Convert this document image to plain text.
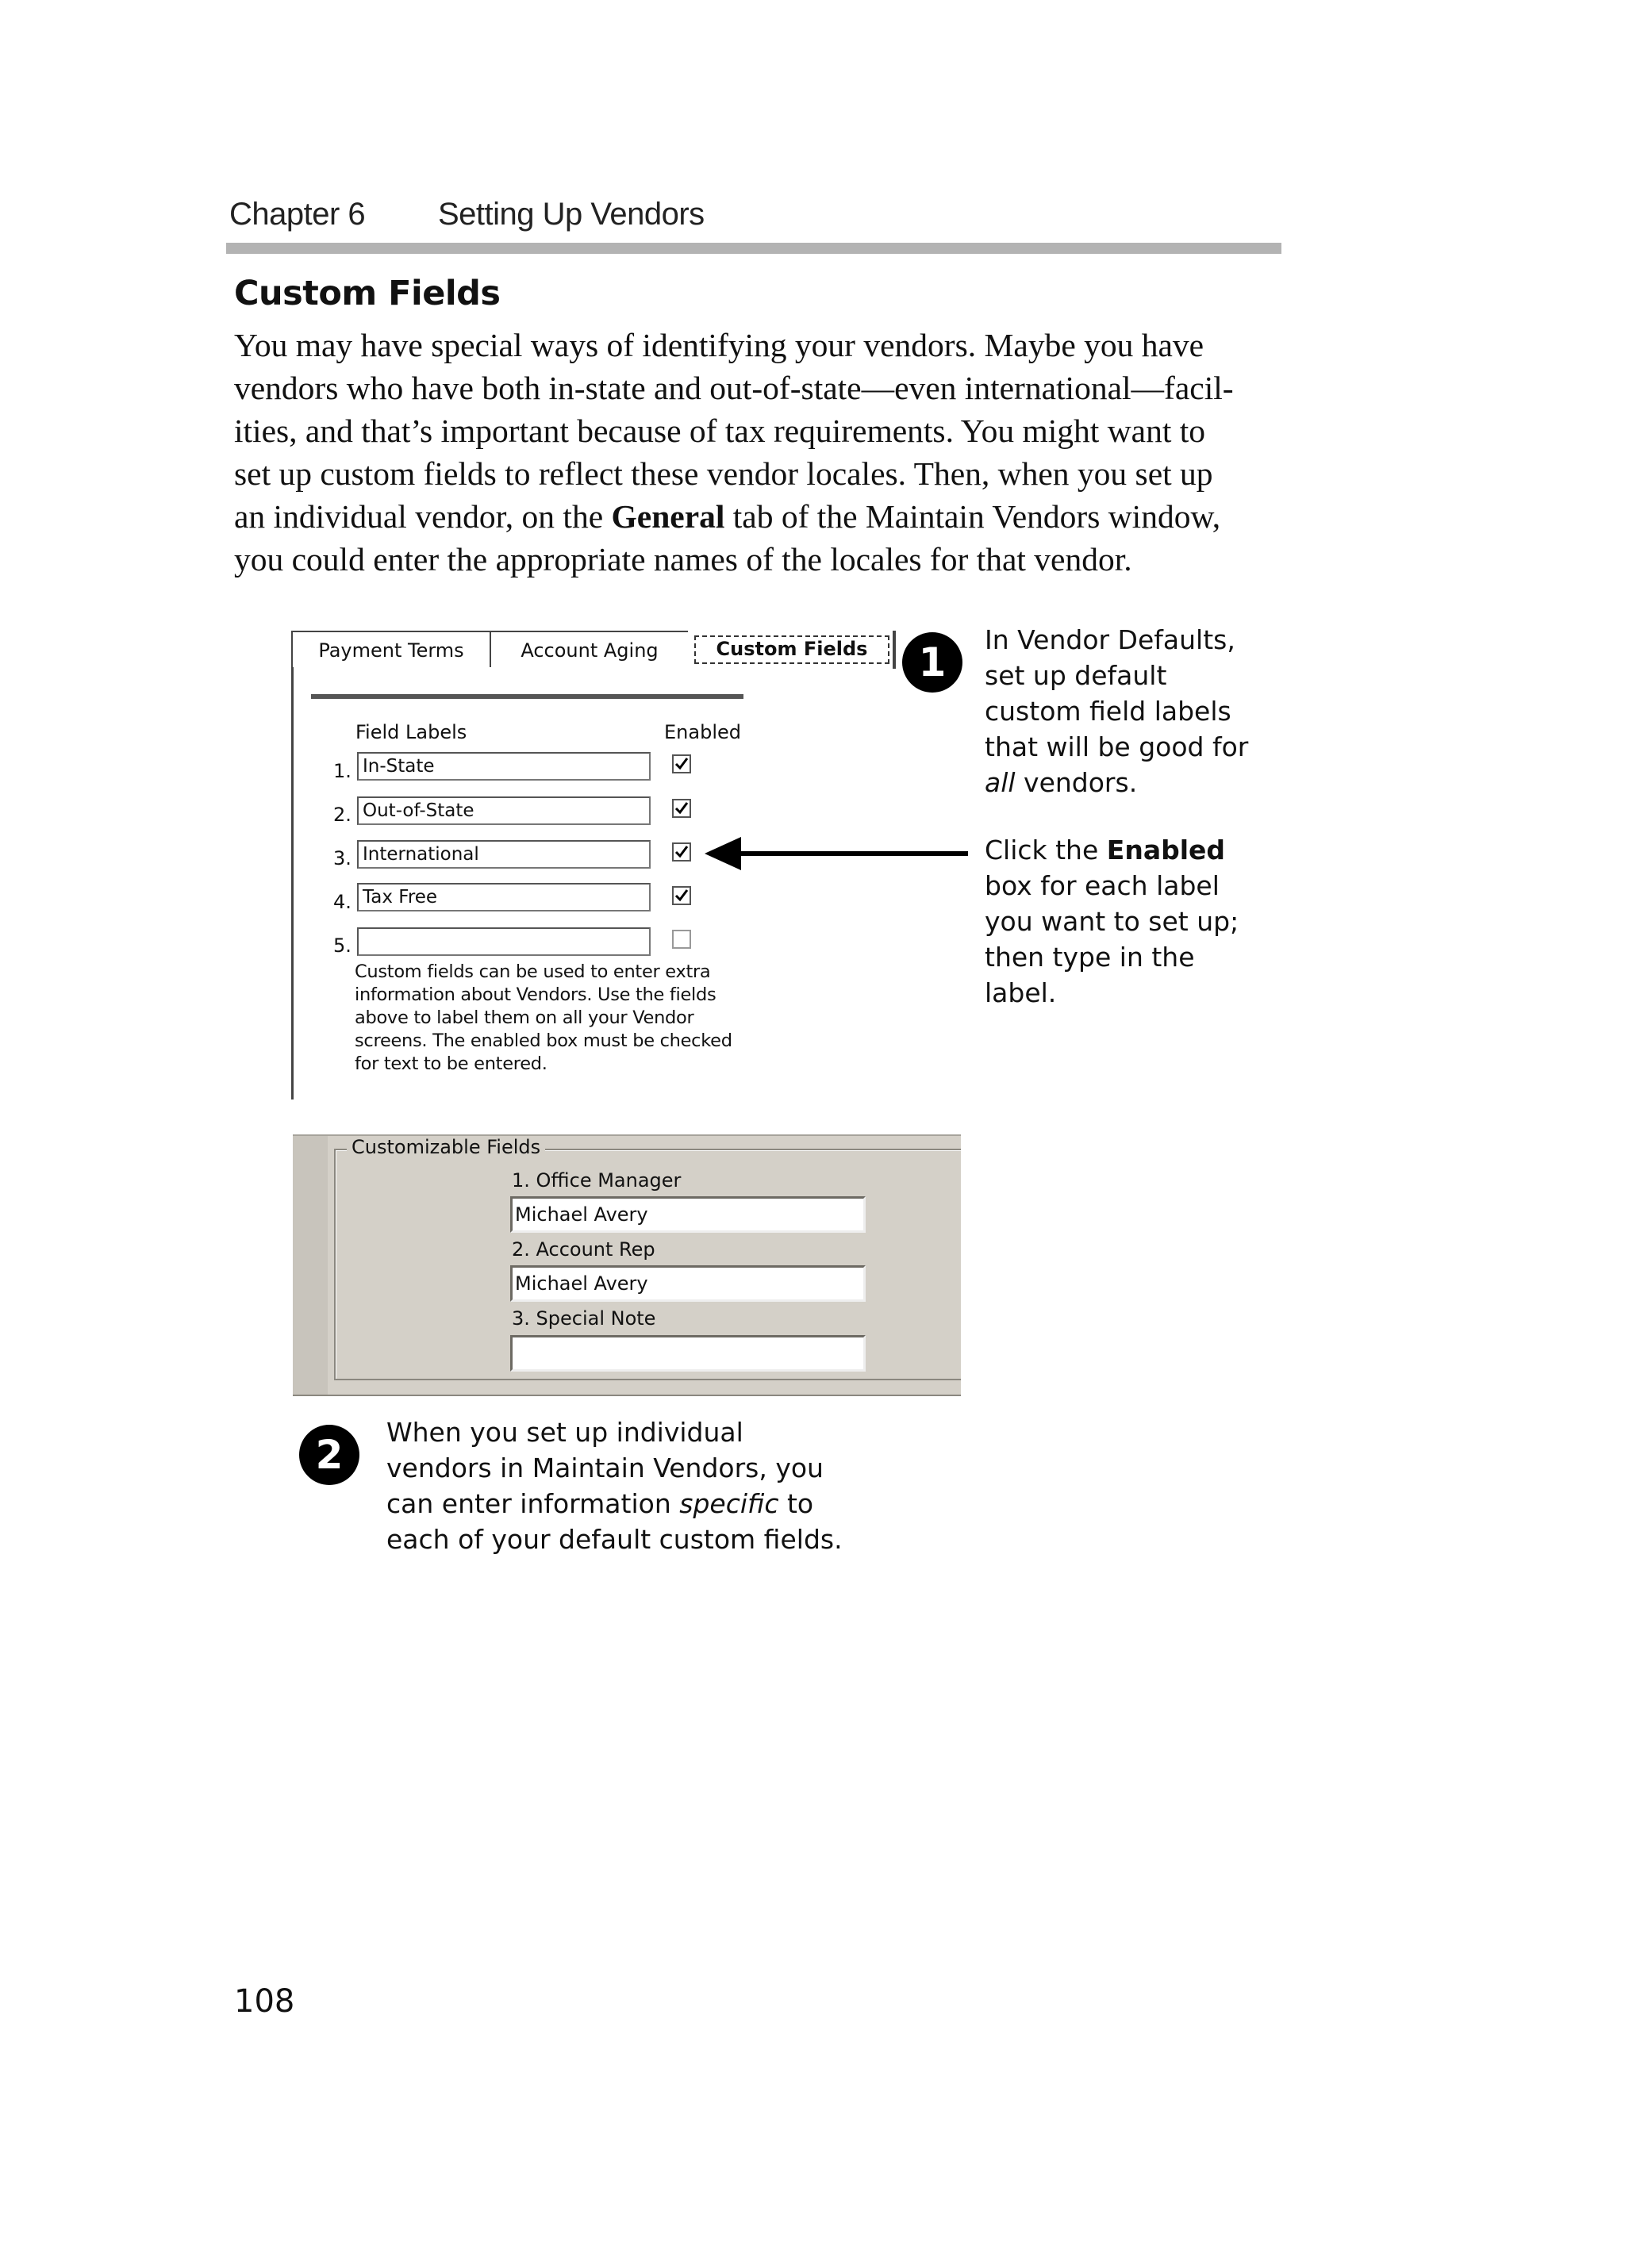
Chapter 6 Setting Up Vendors
Custom Fields
You may have special ways of identifying your vendors. Maybe you have
vendors who have both in-state and out-of-state—even international—facil-
ities, and that’s important because of tax requirements. You might want to
set up custom fields to reflect these vendor locales. Then, when you set up
an individual vendor, on the General tab of the Maintain Vendors window,
you could enter the appropriate names of the locales for that vendor.
Payment Terms	Account Aging	Custom Fields
Field Labels	Enabled
1. In-State
2. Out-of-State
3. International
4. Tax Free
5.
Custom fields can be used to enter extra
information about Vendors. Use the fields
above to label them on all your Vendor
screens. The enabled box must be checked
for text to be entered.
1	In Vendor Defaults,
set up default
custom field labels
that will be good for
all vendors.
Click the Enabled
box for each label
you want to set up;
then type in the
label.
Customizable Fields
1. Office Manager
Michael Avery
2. Account Rep
Michael Avery
3. Special Note
2	When you set up individual
vendors in Maintain Vendors, you
can enter information specific to
each of your default custom fields.
108
